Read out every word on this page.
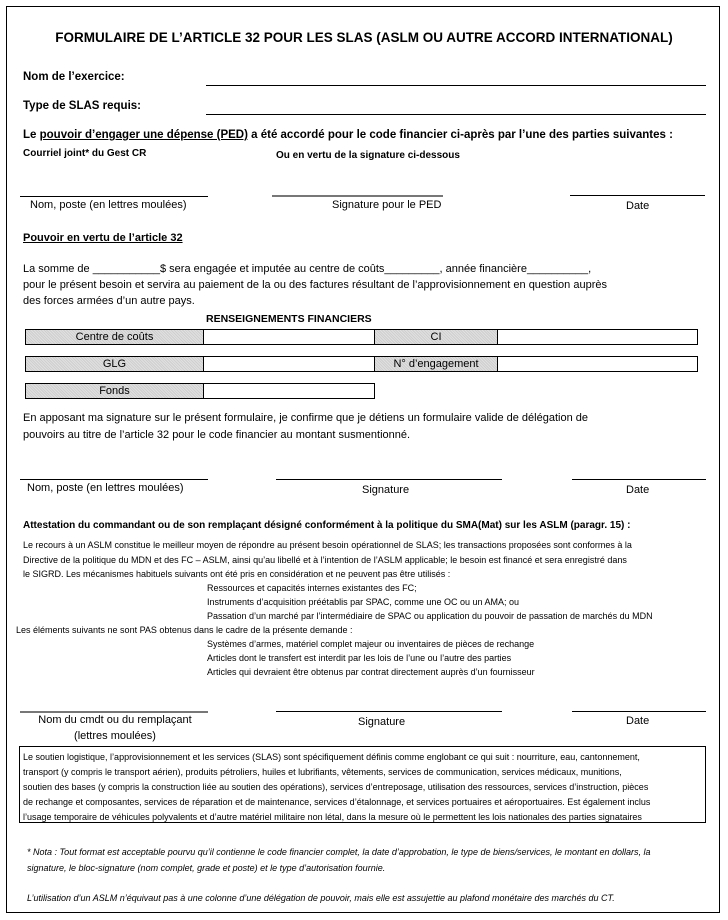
FORMULAIRE DE L’ARTICLE 32 POUR LES SLAS (ASLM OU AUTRE ACCORD INTERNATIONAL)
Nom de l’exercice:
Type de SLAS requis:
Le pouvoir d’engager une dépense (PED) a été accordé pour le code financier ci-après par l’une des parties suivantes :
Courriel joint* du Gest CR	Ou en vertu de la signature ci-dessous
Nom, poste (en lettres moulées)	Signature pour le PED	Date
Pouvoir en vertu de l’article 32
La somme de ___________$ sera engagée et imputée au centre de coûts_________, année financière__________,
pour le présent besoin et servira au paiement de la ou des factures résultant de l’approvisionnement en question auprès
des forces armées d’un autre pays.
RENSEIGNEMENTS FINANCIERS
Centre de coûts	CI
GLG	N° d’engagement
Fonds
En apposant ma signature sur le présent formulaire, je confirme que je détiens un formulaire valide de délégation de
pouvoirs au titre de l’article 32 pour le code financier au montant susmentionné.
Nom, poste (en lettres moulées)	Signature	Date
Attestation du commandant ou de son remplaçant désigné conformément à la politique du SMA(Mat) sur les ASLM (paragr. 15) :
Le recours à un ASLM constitue le meilleur moyen de répondre au présent besoin opérationnel de SLAS; les transactions proposées sont conformes à la
Directive de la politique du MDN et des FC – ASLM, ainsi qu’au libellé et à l’intention de l’ASLM applicable; le besoin est financé et sera enregistré dans
le SIGRD. Les mécanismes habituels suivants ont été pris en considération et ne peuvent pas être utilisés :
Ressources et capacités internes existantes des FC;
Instruments d’acquisition préétablis par SPAC, comme une OC ou un AMA; ou
Passation d’un marché par l’intermédiaire de SPAC ou application du pouvoir de passation de marchés du MDN
Les éléments suivants ne sont PAS obtenus dans le cadre de la présente demande :
Systèmes d’armes, matériel complet majeur ou inventaires de pièces de rechange
Articles dont le transfert est interdit par les lois de l’une ou l’autre des parties
Articles qui devraient être obtenus par contrat directement auprès d’un fournisseur
Nom du cmdt ou du remplaçant
(lettres moulées)
Signature	Date
Le soutien logistique, l’approvisionnement et les services (SLAS) sont spécifiquement définis comme englobant ce qui suit : nourriture, eau, cantonnement,
transport (y compris le transport aérien), produits pétroliers, huiles et lubrifiants, vêtements, services de communication, services médicaux, munitions,
soutien des bases (y compris la construction liée au soutien des opérations), services d’entreposage, utilisation des ressources, services d’instruction, pièces
de rechange et composantes, services de réparation et de maintenance, services d’étalonnage, et services portuaires et aéroportuaires. Est également inclus
l’usage temporaire de véhicules polyvalents et d’autre matériel militaire non létal, dans la mesure où le permettent les lois nationales des parties signataires
* Nota : Tout format est acceptable pourvu qu’il contienne le code financier complet, la date d’approbation, le type de biens/services, le montant en dollars, la
signature, le bloc-signature (nom complet, grade et poste) et le type d’autorisation fournie.
L’utilisation d’un ASLM n’équivaut pas à une colonne d’une délégation de pouvoir, mais elle est assujettie au plafond monétaire des marchés du CT.
